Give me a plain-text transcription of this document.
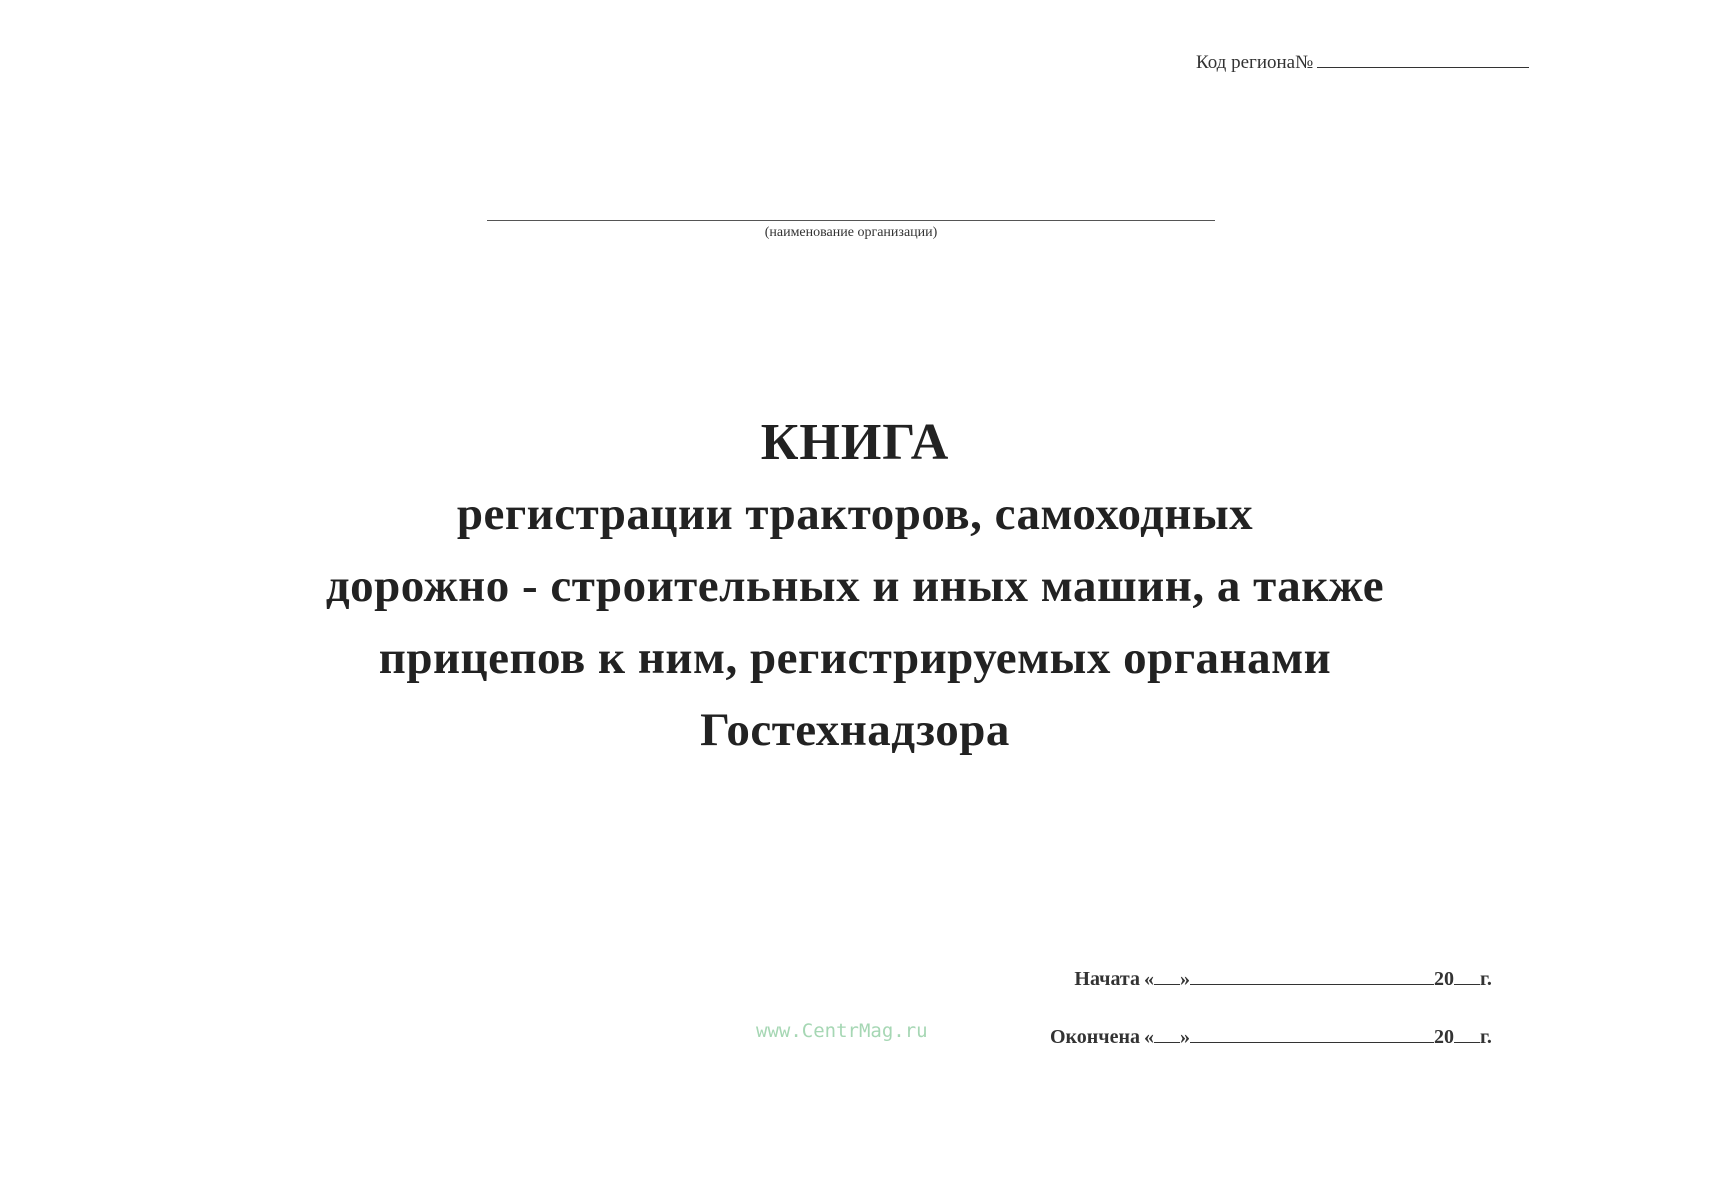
Код региона№
(наименование организации)
КНИГА
регистрации тракторов, самоходных
дорожно - строительных и иных машин, а также
прицепов к ним, регистрируемых органами
Гостехнадзора
Начата « »	20 г.
Окончена « »	20 г.
www.CentrMag.ru
